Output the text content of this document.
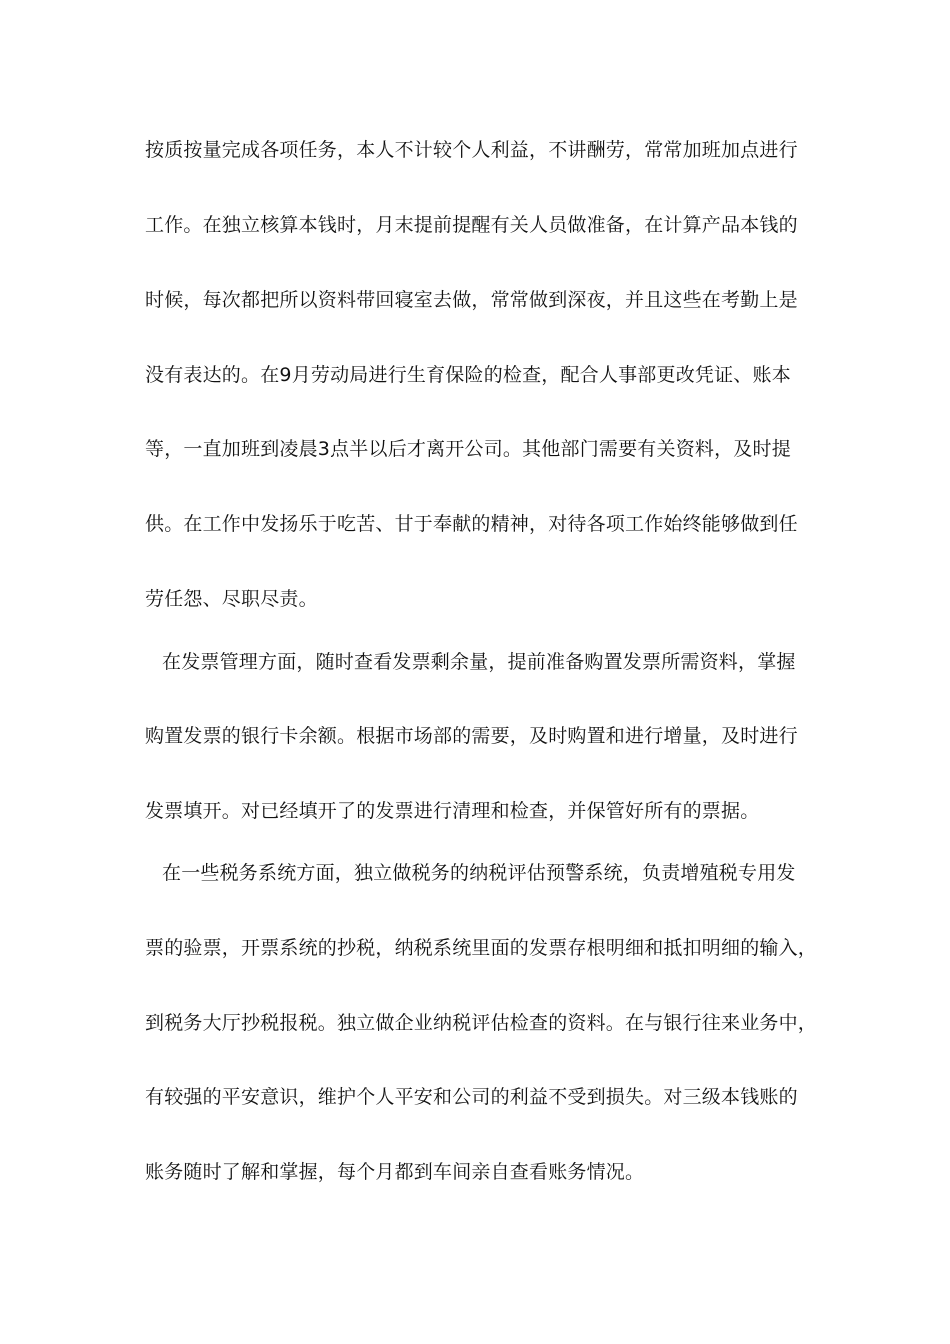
按质按量完成各项任务，本人不计较个人利益，不讲酬劳，常常加班加点进行
工作。在独立核算本钱时，月末提前提醒有关人员做准备，在计算产品本钱的
时候，每次都把所以资料带回寝室去做，常常做到深夜，并且这些在考勤上是
没有表达的。在9月劳动局进行生育保险的检查，配合人事部更改凭证、账本
等，一直加班到凌晨3点半以后才离开公司。其他部门需要有关资料，及时提
供。在工作中发扬乐于吃苦、甘于奉献的精神，对待各项工作始终能够做到任
劳任怨、尽职尽责。
在发票管理方面，随时查看发票剩余量，提前准备购置发票所需资料，掌握
购置发票的银行卡余额。根据市场部的需要，及时购置和进行增量，及时进行
发票填开。对已经填开了的发票进行清理和检查，并保管好所有的票据。
在一些税务系统方面，独立做税务的纳税评估预警系统，负责增殖税专用发
票的验票，开票系统的抄税，纳税系统里面的发票存根明细和抵扣明细的输入，
到税务大厅抄税报税。独立做企业纳税评估检查的资料。在与银行往来业务中，
有较强的平安意识，维护个人平安和公司的利益不受到损失。对三级本钱账的
账务随时了解和掌握，每个月都到车间亲自查看账务情况。
